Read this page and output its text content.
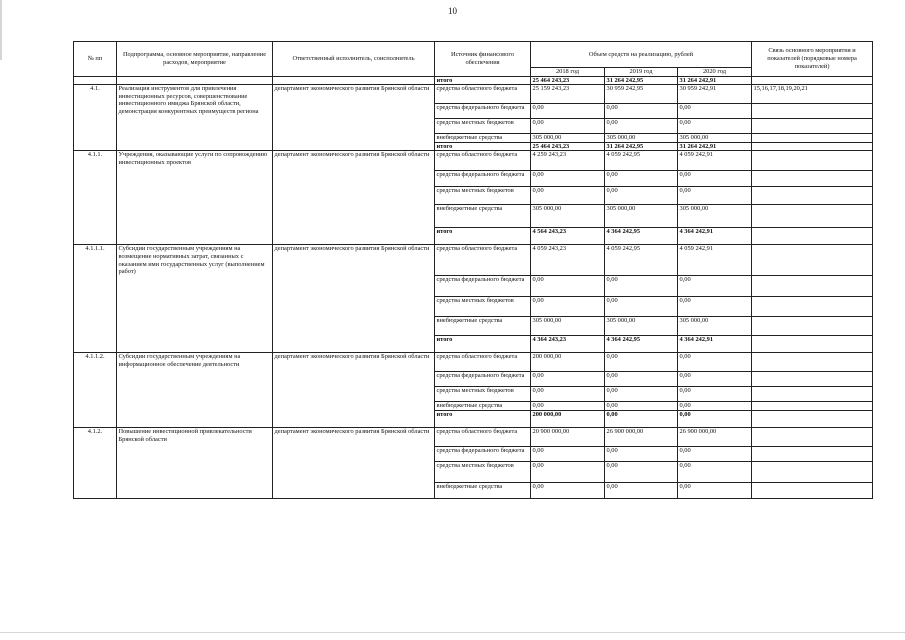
10
№ пп	Подпрограмма, основное мероприятие, направление расходов, мероприятие	Ответственный исполнитель, соисполнитель	Источник финансового обеспечения	Объем средств на реализацию, рублей			Связь основного мероприятия и показателей (порядковые номера показателей)
				2018 год	2019 год	2020 год	
			итого	25 464 243,23	31 264 242,95	31 264 242,91	
4.1.	Реализация инструментов для привлечения инвестиционных ресурсов, совершенствование инвестиционного имиджа Брянской области, демонстрация конкурентных преимуществ региона	департамент экономического развития Брянской области	средства областного бюджета	25 159 243,23	30 959 242,95	30 959 242,91	15,16,17,18,19,20,21
			средства федерального бюджета	0,00	0,00	0,00	
			средства местных бюджетов	0,00	0,00	0,00	
			внебюджетные средства	305 000,00	305 000,00	305 000,00	
			итого	25 464 243,23	31 264 242,95	31 264 242,91	
4.1.1.	Учреждения, оказывающие услуги по сопровождению инвестиционных проектов	департамент экономического развития Брянской области	средства областного бюджета	4 259 243,23	4 059 242,95	4 059 242,91	
			средства федерального бюджета	0,00	0,00	0,00	
			средства местных бюджетов	0,00	0,00	0,00	
			внебюджетные средства	305 000,00	305 000,00	305 000,00	
			итого	4 564 243,23	4 364 242,95	4 364 242,91	
4.1.1.1.	Субсидии государственным учреждениям на возмещение нормативных затрат, связанных с оказанием ими государственных услуг (выполнением работ)	департамент экономического развития Брянской области	средства областного бюджета	4 059 243,23	4 059 242,95	4 059 242,91	
			средства федерального бюджета	0,00	0,00	0,00	
			средства местных бюджетов	0,00	0,00	0,00	
			внебюджетные средства	305 000,00	305 000,00	305 000,00	
			итого	4 364 243,23	4 364 242,95	4 364 242,91	
4.1.1.2.	Субсидии государственным учреждениям на информационное обеспечение деятельности	департамент экономического развития Брянской области	средства областного бюджета	200 000,00	0,00	0,00	
			средства федерального бюджета	0,00	0,00	0,00	
			средства местных бюджетов	0,00	0,00	0,00	
			внебюджетные средства	0,00	0,00	0,00	
			итого	200 000,00	0,00	0,00	
4.1.2.	Повышение инвестиционной привлекательности Брянской области	департамент экономического развития Брянской области	средства областного бюджета	20 900 000,00	26 900 000,00	26 900 000,00	
			средства федерального бюджета	0,00	0,00	0,00	
			средства местных бюджетов	0,00	0,00	0,00	
			внебюджетные средства	0,00	0,00	0,00	
